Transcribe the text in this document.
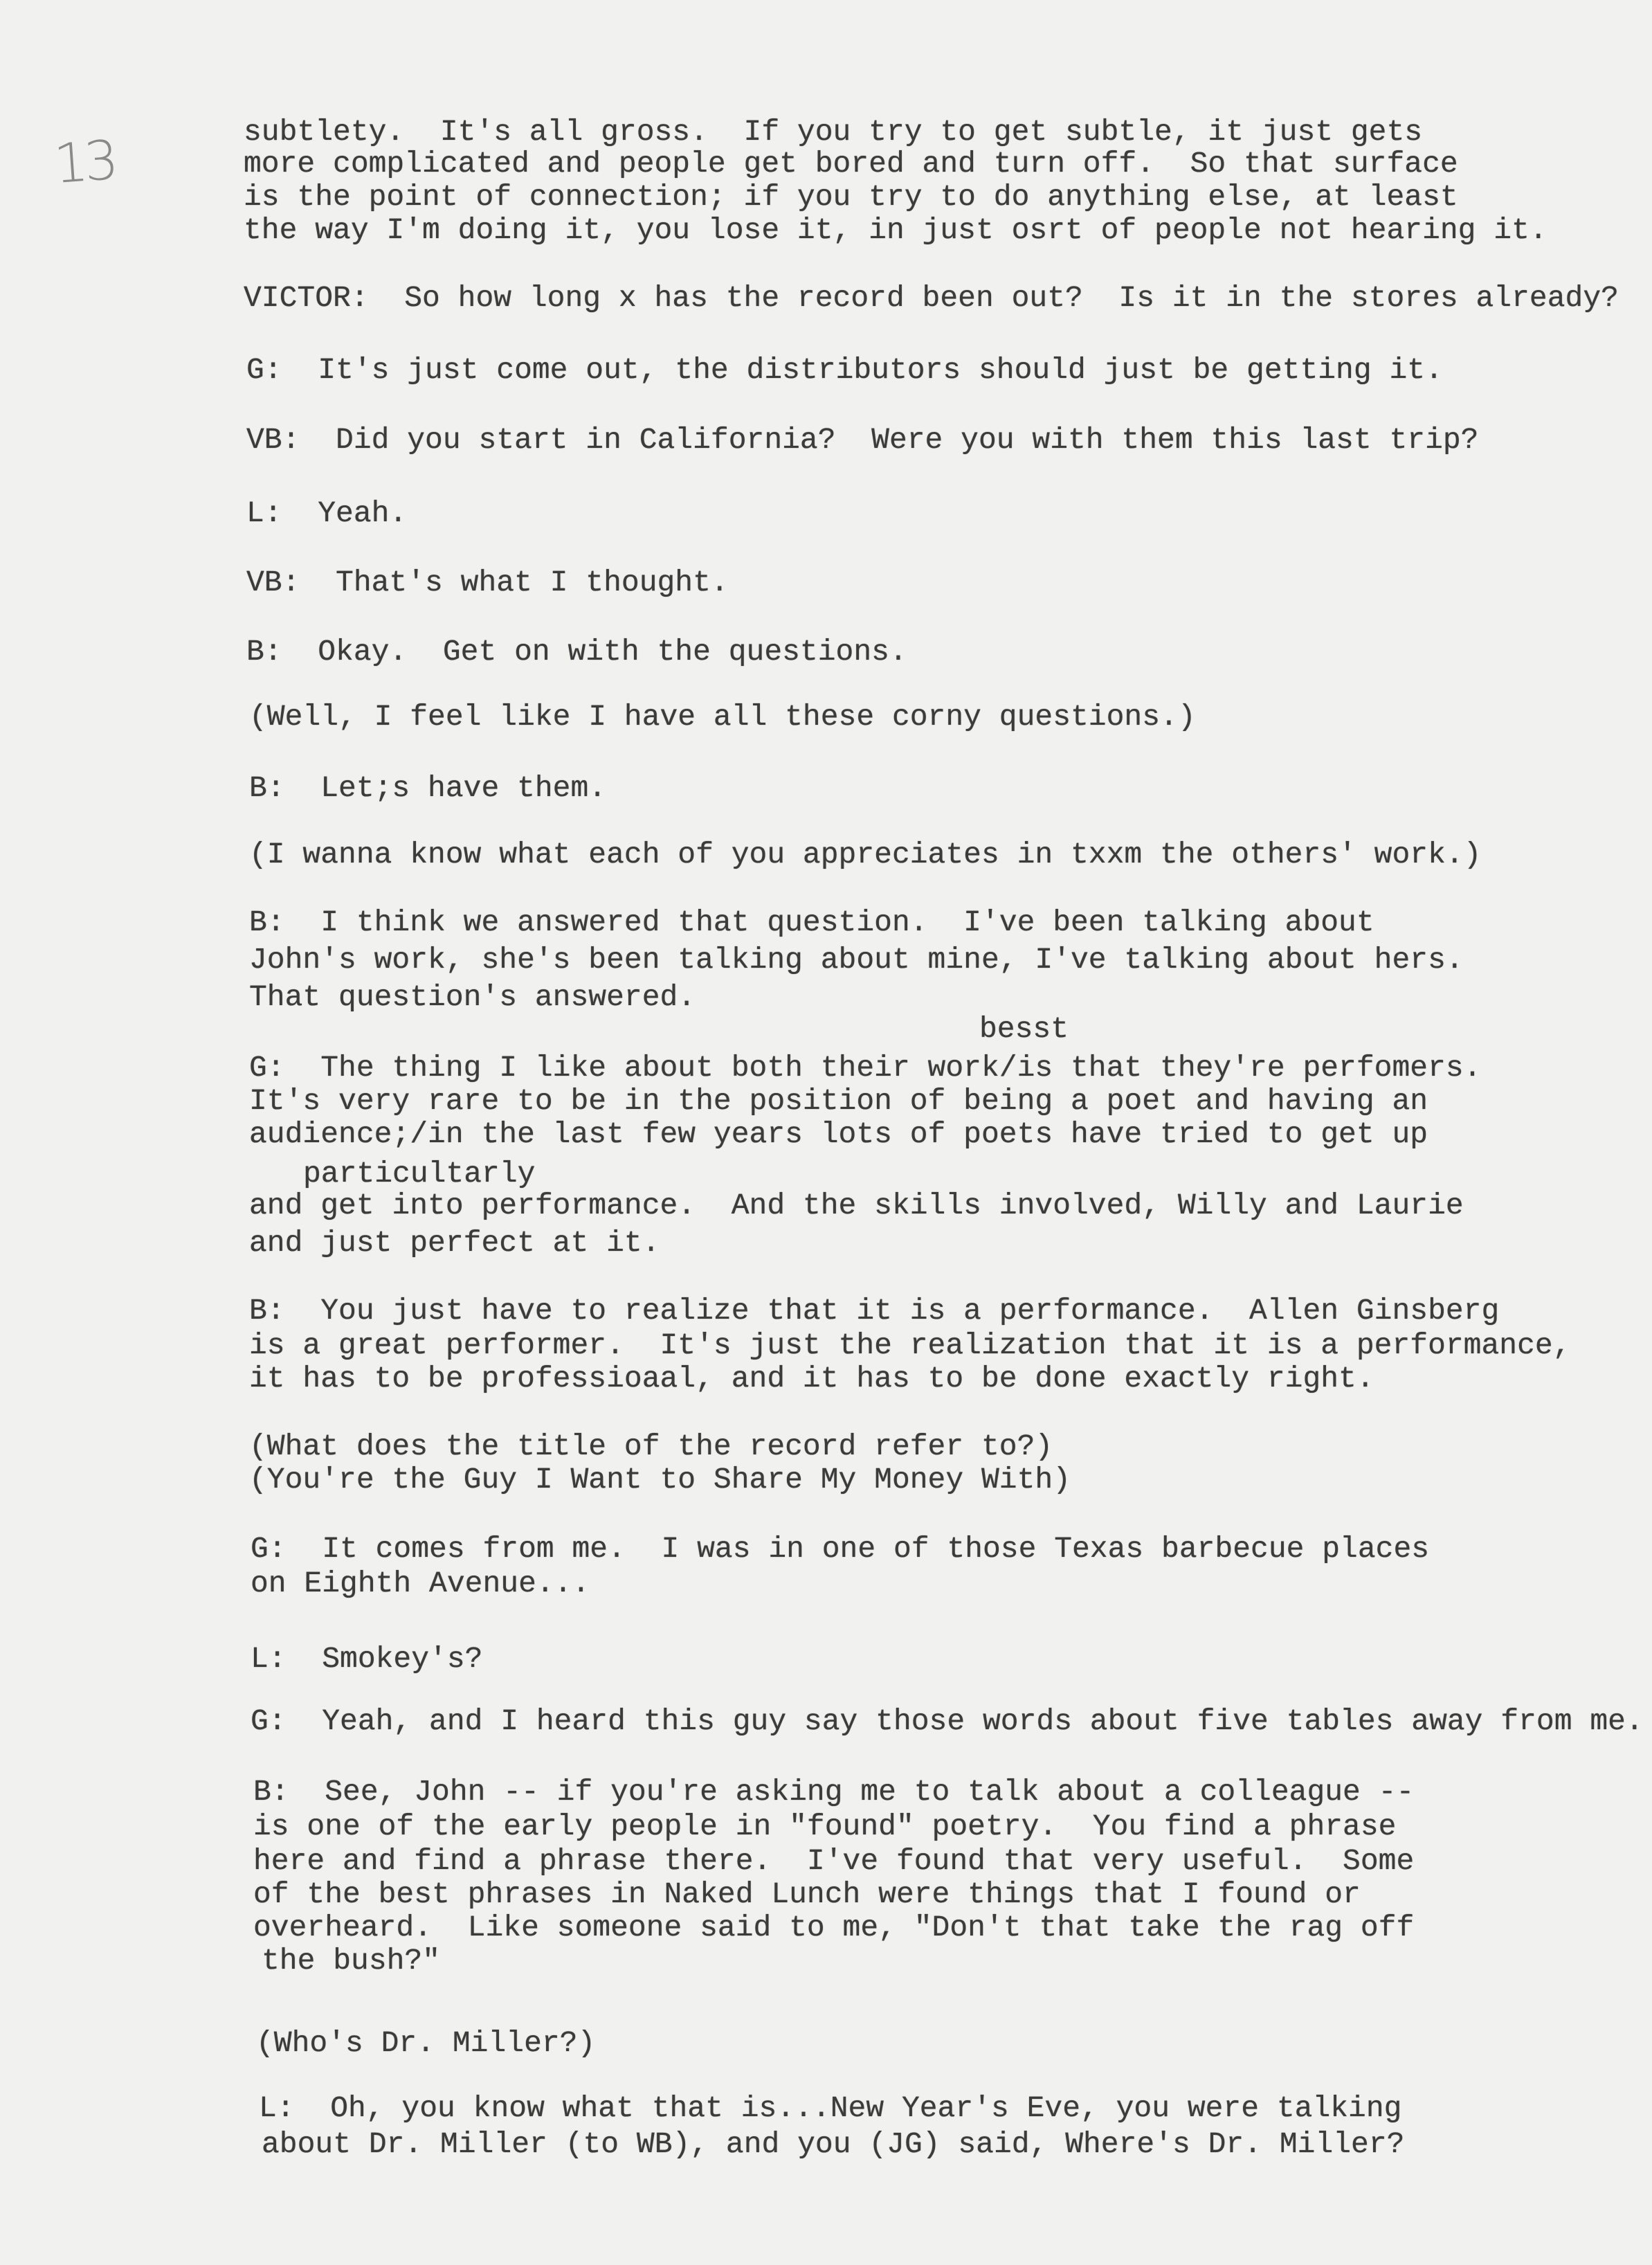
13	subtlety.  It's all gross.  If you try to get subtle, it just gets
more complicated and people get bored and turn off.  So that surface
is the point of connection; if you try to do anything else, at least
the way I'm doing it, you lose it, in just osrt of people not hearing it.
VICTOR:  So how long x has the record been out?  Is it in the stores already?
G:  It's just come out, the distributors should just be getting it.
VB:  Did you start in California?  Were you with them this last trip?
L:  Yeah.
VB:  That's what I thought.
B:  Okay.  Get on with the questions.
(Well, I feel like I have all these corny questions.)
B:  Let;s have them.
(I wanna know what each of you appreciates in txxm the others' work.)
B:  I think we answered that question.  I've been talking about
John's work, she's been talking about mine, I've talking about hers.
That question's answered.
besst
G:  The thing I like about both their work/is that they're perfomers.
It's very rare to be in the position of being a poet and having an
audience;/in the last few years lots of poets have tried to get up
particultarly
and get into performance.  And the skills involved, Willy and Laurie
and just perfect at it.
B:  You just have to realize that it is a performance.  Allen Ginsberg
is a great performer.  It's just the realization that it is a performance,
it has to be professioaal, and it has to be done exactly right.
(What does the title of the record refer to?)
(You're the Guy I Want to Share My Money With)
G:  It comes from me.  I was in one of those Texas barbecue places
on Eighth Avenue...
L:  Smokey's?
G:  Yeah, and I heard this guy say those words about five tables away from me.
B:  See, John -- if you're asking me to talk about a colleague --
is one of the early people in "found" poetry.  You find a phrase
here and find a phrase there.  I've found that very useful.  Some
of the best phrases in Naked Lunch were things that I found or
overheard.  Like someone said to me, "Don't that take the rag off
the bush?"
(Who's Dr. Miller?)
L:  Oh, you know what that is...New Year's Eve, you were talking
about Dr. Miller (to WB), and you (JG) said, Where's Dr. Miller?
